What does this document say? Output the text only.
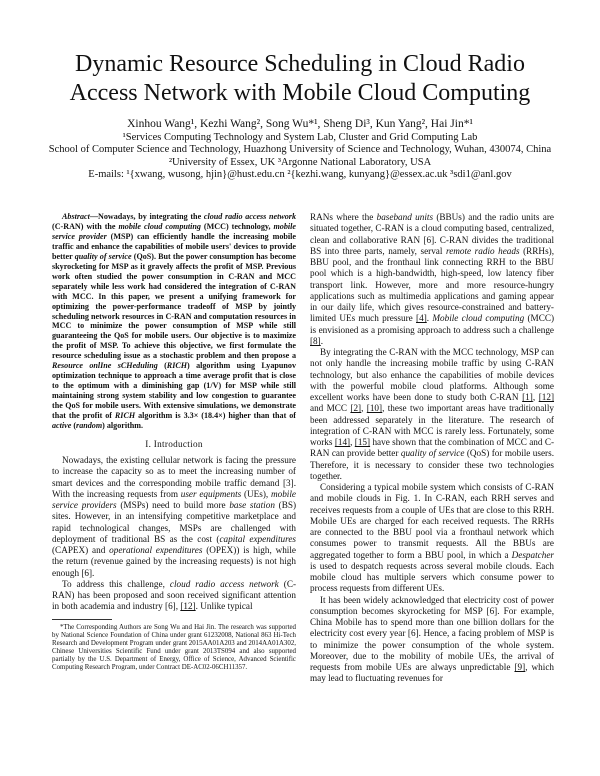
Dynamic Resource Scheduling in Cloud Radio
Access Network with Mobile Cloud Computing
Xinhou Wang¹, Kezhi Wang², Song Wu*¹, Sheng Di³, Kun Yang², Hai Jin*¹
¹Services Computing Technology and System Lab, Cluster and Grid Computing Lab
School of Computer Science and Technology, Huazhong University of Science and Technology, Wuhan, 430074, China
²University of Essex, UK ³Argonne National Laboratory, USA
E-mails: ¹{xwang, wusong, hjin}@hust.edu.cn ²{kezhi.wang, kunyang}@essex.ac.uk ³sdi1@anl.gov
Abstract—Nowadays, by integrating the cloud radio access network (C-RAN) with the mobile cloud computing (MCC) technology, mobile service provider (MSP) can efficiently handle the increasing mobile traffic and enhance the capabilities of mobile users' devices to provide better quality of service (QoS). But the power consumption has become skyrocketing for MSP as it gravely affects the profit of MSP. Previous work often studied the power consumption in C-RAN and MCC separately while less work had considered the integration of C-RAN with MCC. In this paper, we present a unifying framework for optimizing the power-performance tradeoff of MSP by jointly scheduling network resources in C-RAN and computation resources in MCC to minimize the power consumption of MSP while still guaranteeing the QoS for mobile users. Our objective is to maximize the profit of MSP. To achieve this objective, we first formulate the resource scheduling issue as a stochastic problem and then propose a Resource onlIne sCHeduling (RICH) algorithm using Lyapunov optimization technique to approach a time average profit that is close to the optimum with a diminishing gap (1/V) for MSP while still maintaining strong system stability and low congestion to guarantee the QoS for mobile users. With extensive simulations, we demonstrate that the profit of RICH algorithm is 3.3× (18.4×) higher than that of active (random) algorithm.
I. Introduction

Nowadays, the existing cellular network is facing the pressure to increase the capacity so as to meet the increasing number of smart devices and the corresponding mobile traffic demand [3]. With the increasing requests from user equipments (UEs), mobile service providers (MSPs) need to build more base station (BS) sites. However, in an intensifying competitive marketplace and rapid technological changes, MSPs are challenged with deployment of traditional BS as the cost (capital expenditures (CAPEX) and operational expenditures (OPEX)) is high, while the return (revenue gained by the increasing requests) is not high enough [6].

To address this challenge, cloud radio access network (C-RAN) has been proposed and soon received significant attention in both academia and industry [6], [12]. Unlike typical

*The Corresponding Authors are Song Wu and Hai Jin. The research was supported by National Science Foundation of China under grant 61232008, National 863 Hi-Tech Research and Development Program under grant 2015AA01A203 and 2014AA01A302, Chinese Universities Scientific Fund under grant 2013TS094 and also supported partially by the U.S. Department of Energy, Office of Science, Advanced Scientific Computing Research Program, under Contract DE-AC02-06CH11357.

RANs where the baseband units (BBUs) and the radio units are situated together, C-RAN is a cloud computing based, centralized, clean and collaborative RAN [6]. C-RAN divides the traditional BS into three parts, namely, serval remote radio heads (RRHs), BBU pool, and the fronthaul link connecting RRH to the BBU pool which is a high-bandwidth, high-speed, low latency fiber transport link. However, more and more resource-hungry applications such as multimedia applications and gaming appear in our daily life, which gives resource-constrained and battery-limited UEs much pressure [4]. Mobile cloud computing (MCC) is envisioned as a promising approach to address such a challenge [8].

By integrating the C-RAN with the MCC technology, MSP can not only handle the increasing mobile traffic by using C-RAN technology, but also enhance the capabilities of mobile devices with the powerful mobile cloud platforms. Although some excellent works have been done to study both C-RAN [1], [12] and MCC [2], [10], these two important areas have traditionally been addressed separately in the literature. The research of integration of C-RAN with MCC is rarely less. Fortunately, some works [14], [15] have shown that the combination of MCC and C-RAN can provide better quality of service (QoS) for mobile users. Therefore, it is necessary to consider these two technologies together.

Considering a typical mobile system which consists of C-RAN and mobile clouds in Fig. 1. In C-RAN, each RRH serves and receives requests from a couple of UEs that are close to this RRH. Mobile UEs are charged for each received requests. The RRHs are connected to the BBU pool via a fronthaul network which consumes power to transmit requests. All the BBUs are aggregated together to form a BBU pool, in which a Despatcher is used to despatch requests across several mobile clouds. Each mobile cloud has multiple servers which consume power to process requests from different UEs.

It has been widely acknowledged that electricity cost of power consumption becomes skyrocketing for MSP [6]. For example, China Mobile has to spend more than one billion dollars for the electricity cost every year [6]. Hence, a facing problem of MSP is to minimize the power consumption of the whole system. Moreover, due to the mobility of mobile UEs, the arrival of requests from mobile UEs are always unpredictable [9], which may lead to fluctuating revenues for
